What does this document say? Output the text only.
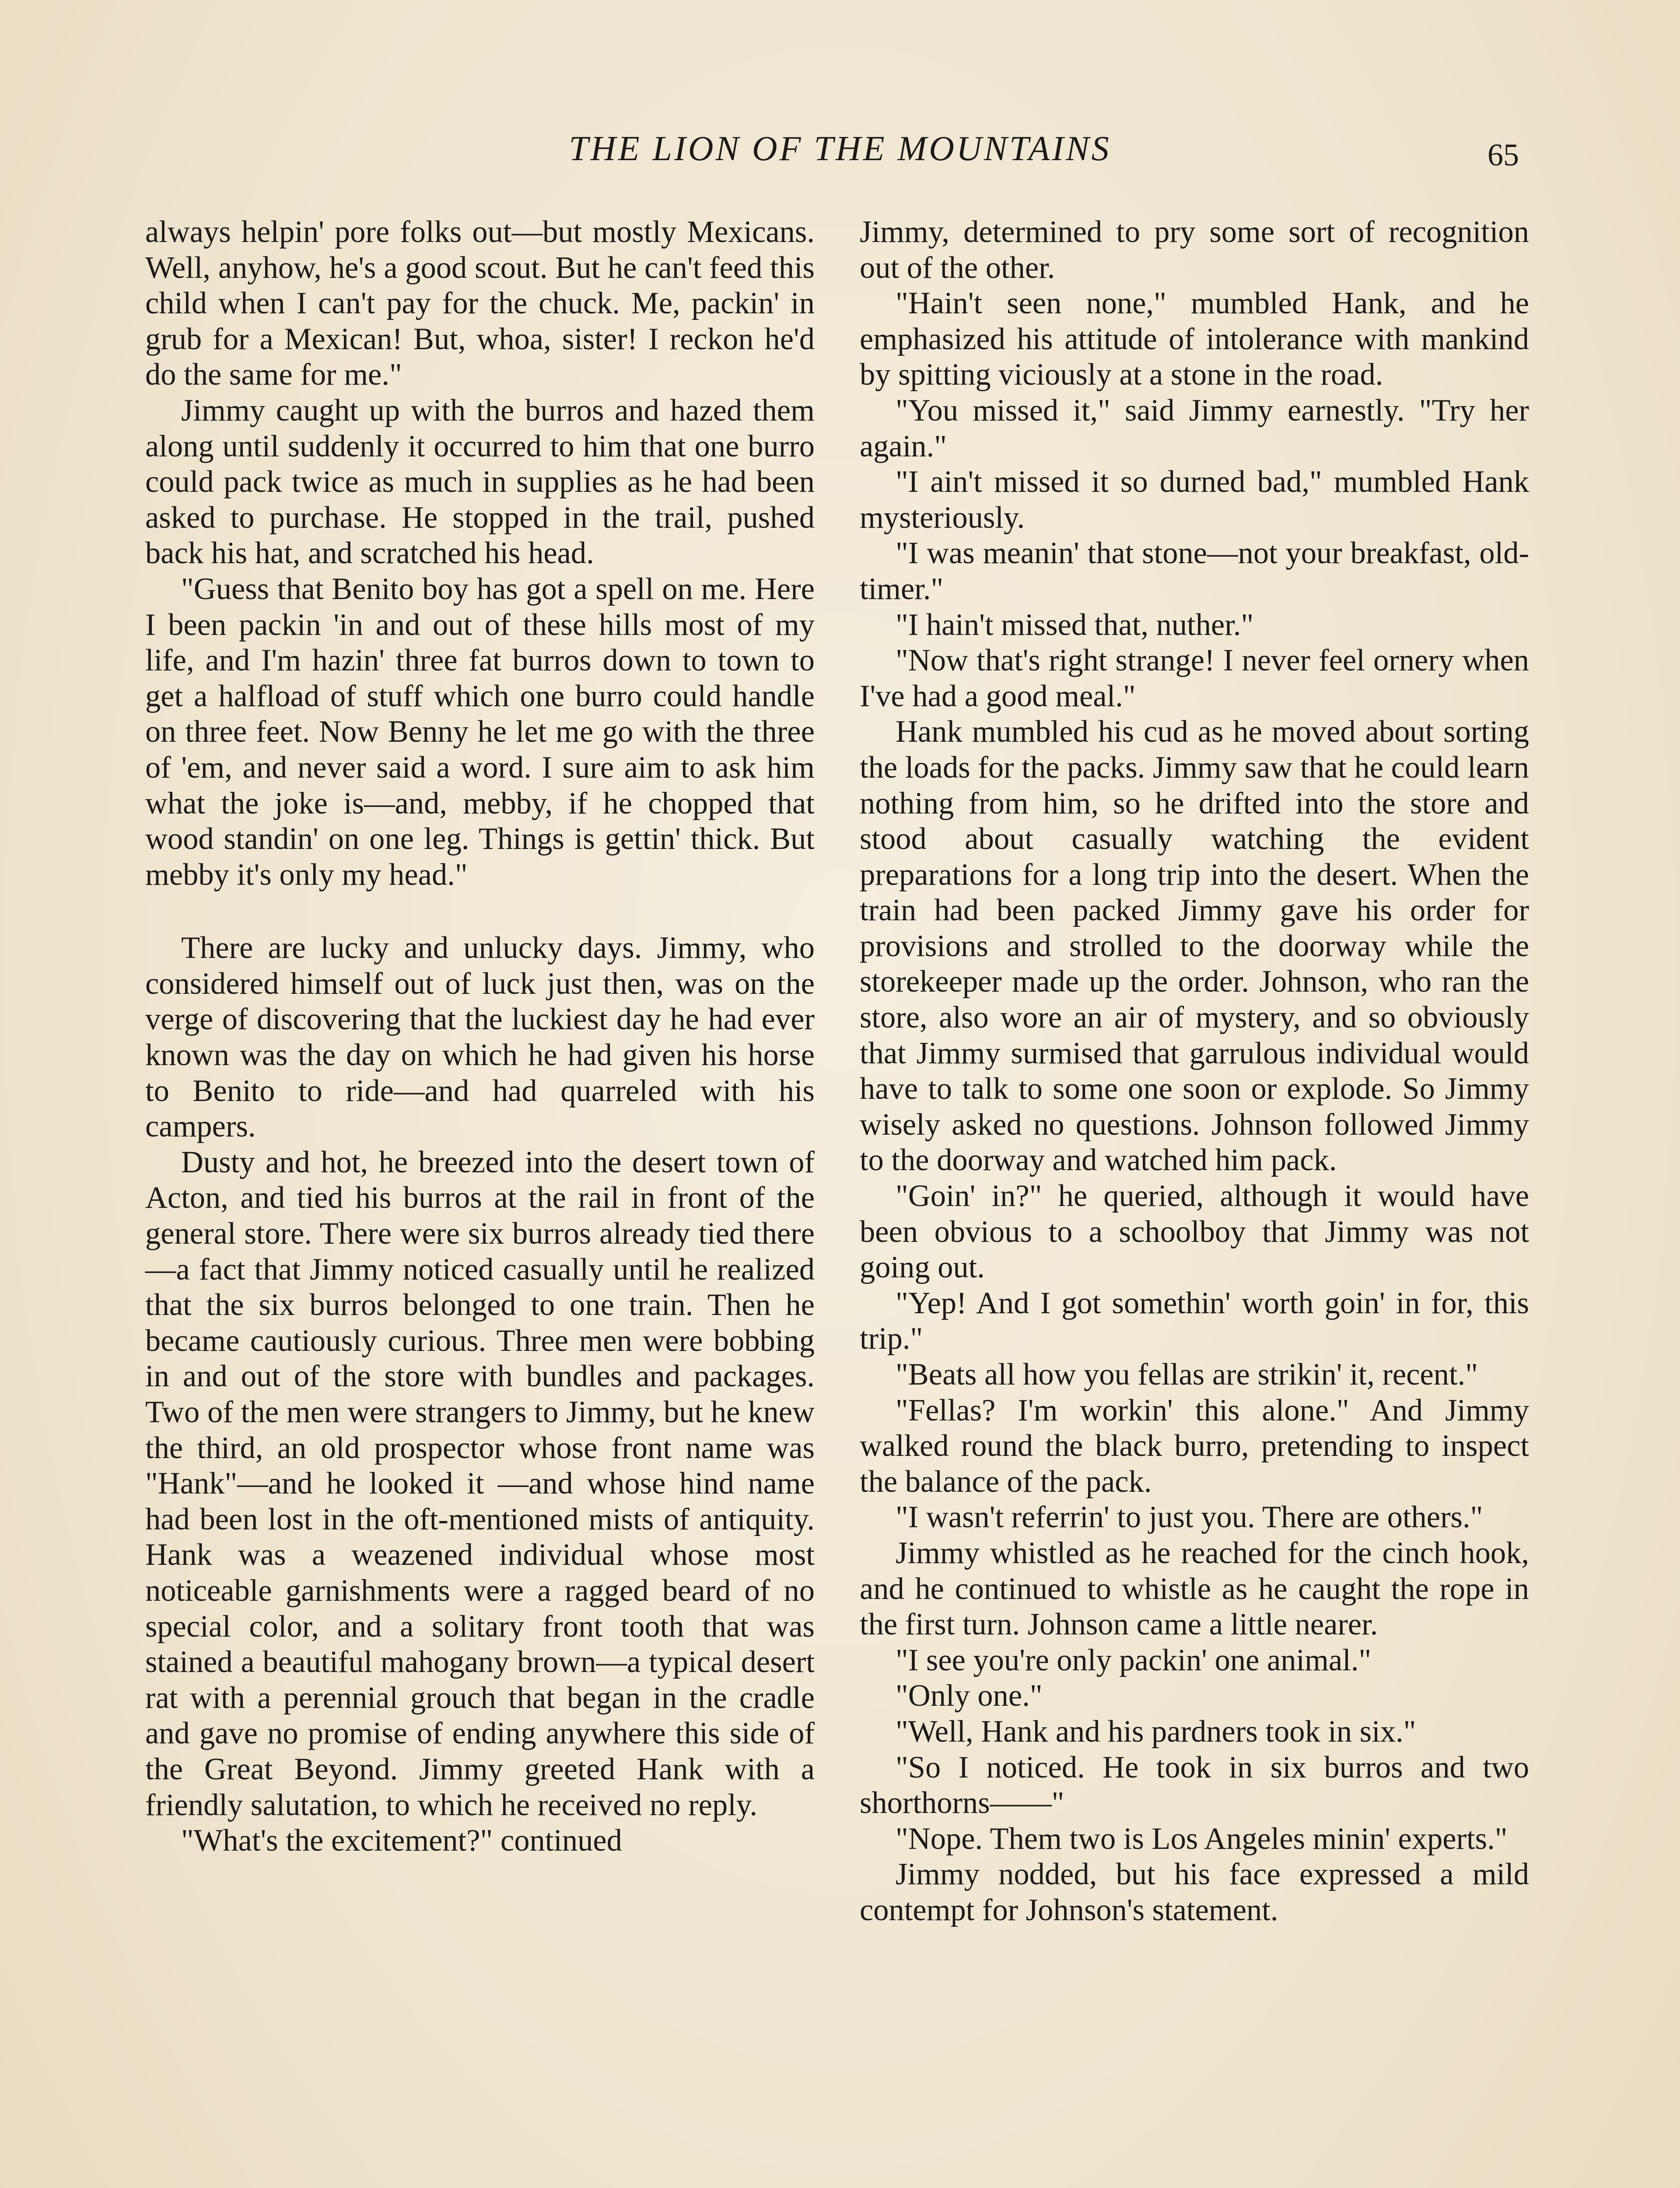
THE LION OF THE MOUNTAINS	65

always helpin' pore folks out—but mostly Mexicans. Well, anyhow, he's a good scout. But he can't feed this child when I can't pay for the chuck. Me, packin' in grub for a Mexican! But, whoa, sister! I reckon he'd do the same for me."

Jimmy caught up with the burros and hazed them along until suddenly it occurred to him that one burro could pack twice as much in supplies as he had been asked to purchase. He stopped in the trail, pushed back his hat, and scratched his head.

"Guess that Benito boy has got a spell on me. Here I been packin 'in and out of these hills most of my life, and I'm hazin' three fat burros down to town to get a halfload of stuff which one burro could handle on three feet. Now Benny he let me go with the three of 'em, and never said a word. I sure aim to ask him what the joke is—and, mebby, if he chopped that wood standin' on one leg. Things is gettin' thick. But mebby it's only my head."

There are lucky and unlucky days. Jimmy, who considered himself out of luck just then, was on the verge of discovering that the luckiest day he had ever known was the day on which he had given his horse to Benito to ride—and had quarreled with his campers.

Dusty and hot, he breezed into the desert town of Acton, and tied his burros at the rail in front of the general store. There were six burros already tied there—a fact that Jimmy noticed casually until he realized that the six burros belonged to one train. Then he became cautiously curious. Three men were bobbing in and out of the store with bundles and packages. Two of the men were strangers to Jimmy, but he knew the third, an old prospector whose front name was "Hank"—and he looked it —and whose hind name had been lost in the oft-mentioned mists of antiquity. Hank was a weazened individual whose most noticeable garnishments were a ragged beard of no special color, and a solitary front tooth that was stained a beautiful mahogany brown—a typical desert rat with a perennial grouch that began in the cradle and gave no promise of ending anywhere this side of the Great Beyond. Jimmy greeted Hank with a friendly salutation, to which he received no reply.

"What's the excitement?" continued

Jimmy, determined to pry some sort of recognition out of the other.

"Hain't seen none," mumbled Hank, and he emphasized his attitude of intolerance with mankind by spitting viciously at a stone in the road.

"You missed it," said Jimmy earnestly. "Try her again."

"I ain't missed it so durned bad," mumbled Hank mysteriously.

"I was meanin' that stone—not your breakfast, old-timer."

"I hain't missed that, nuther."

"Now that's right strange! I never feel ornery when I've had a good meal."

Hank mumbled his cud as he moved about sorting the loads for the packs. Jimmy saw that he could learn nothing from him, so he drifted into the store and stood about casually watching the evident preparations for a long trip into the desert. When the train had been packed Jimmy gave his order for provisions and strolled to the doorway while the storekeeper made up the order. Johnson, who ran the store, also wore an air of mystery, and so obviously that Jimmy surmised that garrulous individual would have to talk to some one soon or explode. So Jimmy wisely asked no questions. Johnson followed Jimmy to the doorway and watched him pack.

"Goin' in?" he queried, although it would have been obvious to a schoolboy that Jimmy was not going out.

"Yep! And I got somethin' worth goin' in for, this trip."

"Beats all how you fellas are strikin' it, recent."

"Fellas? I'm workin' this alone." And Jimmy walked round the black burro, pretending to inspect the balance of the pack.

"I wasn't referrin' to just you. There are others."

Jimmy whistled as he reached for the cinch hook, and he continued to whistle as he caught the rope in the first turn. Johnson came a little nearer.

"I see you're only packin' one animal."

"Only one."

"Well, Hank and his pardners took in six."

"So I noticed. He took in six burros and two shorthorns——"

"Nope. Them two is Los Angeles minin' experts."

Jimmy nodded, but his face expressed a mild contempt for Johnson's statement.
